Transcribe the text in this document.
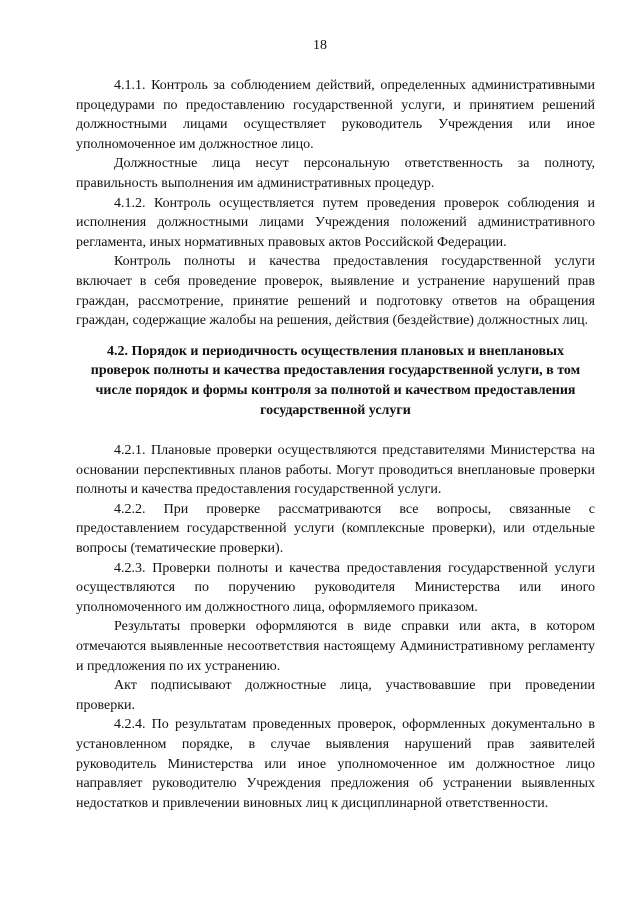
18

4.1.1. Контроль за соблюдением действий, определенных административными процедурами по предоставлению государственной услуги, и принятием решений должностными лицами осуществляет руководитель Учреждения или иное уполномоченное им должностное лицо.

Должностные лица несут персональную ответственность за полноту, правильность выполнения им административных процедур.

4.1.2. Контроль осуществляется путем проведения проверок соблюдения и исполнения должностными лицами Учреждения положений административного регламента, иных нормативных правовых актов Российской Федерации.

Контроль полноты и качества предоставления государственной услуги включает в себя проведение проверок, выявление и устранение нарушений прав граждан, рассмотрение, принятие решений и подготовку ответов на обращения граждан, содержащие жалобы на решения, действия (бездействие) должностных лиц.

4.2. Порядок и периодичность осуществления плановых и внеплановых проверок полноты и качества предоставления государственной услуги, в том числе порядок и формы контроля за полнотой и качеством предоставления государственной услуги

4.2.1. Плановые проверки осуществляются представителями Министерства на основании перспективных планов работы. Могут проводиться внеплановые проверки полноты и качества предоставления государственной услуги.

4.2.2. При проверке рассматриваются все вопросы, связанные с предоставлением государственной услуги (комплексные проверки), или отдельные вопросы (тематические проверки).

4.2.3. Проверки полноты и качества предоставления государственной услуги осуществляются по поручению руководителя Министерства или иного уполномоченного им должностного лица, оформляемого приказом.

Результаты проверки оформляются в виде справки или акта, в котором отмечаются выявленные несоответствия настоящему Административному регламенту и предложения по их устранению.

Акт подписывают должностные лица, участвовавшие при проведении проверки.

4.2.4. По результатам проведенных проверок, оформленных документально в установленном порядке, в случае выявления нарушений прав заявителей руководитель Министерства или иное уполномоченное им должностное лицо направляет руководителю Учреждения предложения об устранении выявленных недостатков и привлечении виновных лиц к дисциплинарной ответственности.
